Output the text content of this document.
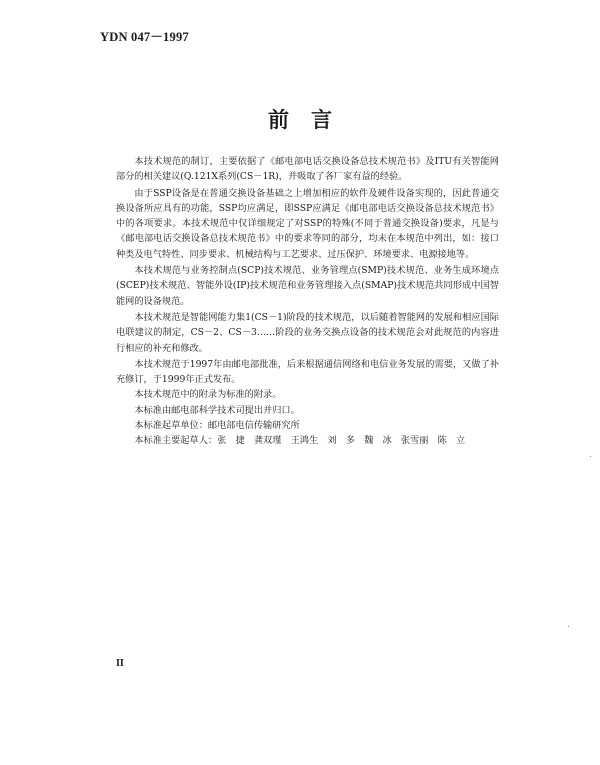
YDN 047－1997
前言

本技术规范的制订，主要依据了《邮电部电话交换设备总技术规范书》及ITU有关智能网部分的相关建议(Q.121X系列(CS－1R)，并吸取了各厂家有益的经验。

由于SSP设备是在普通交换设备基础之上增加相应的软件及硬件设备实现的，因此普通交换设备所应具有的功能，SSP均应满足，即SSP应满足《邮电部电话交换设备总技术规范书》中的各项要求。本技术规范中仅详细规定了对SSP的特殊(不同于普通交换设备)要求，凡是与《邮电部电话交换设备总技术规范书》中的要求等同的部分，均未在本规范中列出，如：接口种类及电气特性、同步要求、机械结构与工艺要求、过压保护、环境要求、电源接地等。

本技术规范与业务控制点(SCP)技术规范、业务管理点(SMP)技术规范、业务生成环境点(SCEP)技术规范、智能外设(IP)技术规范和业务管理接入点(SMAP)技术规范共同形成中国智能网的设备规范。

本技术规范是智能网能力集1(CS－1)阶段的技术规范，以后随着智能网的发展和相应国际电联建议的制定，CS－2、CS－3……阶段的业务交换点设备的技术规范会对此规范的内容进行相应的补充和修改。

本技术规范于1997年由邮电部批准，后来根据通信网络和电信业务发展的需要，又做了补充修订，于1999年正式发布。

本技术规范中的附录为标准的附录。

本标准由邮电部科学技术司提出并归口。

本标准起草单位：邮电部电信传输研究所

本标准主要起草人：张　捷　龚双瑾　王鸿生　刘　多　魏　冰　张雪丽　陈　立

II
